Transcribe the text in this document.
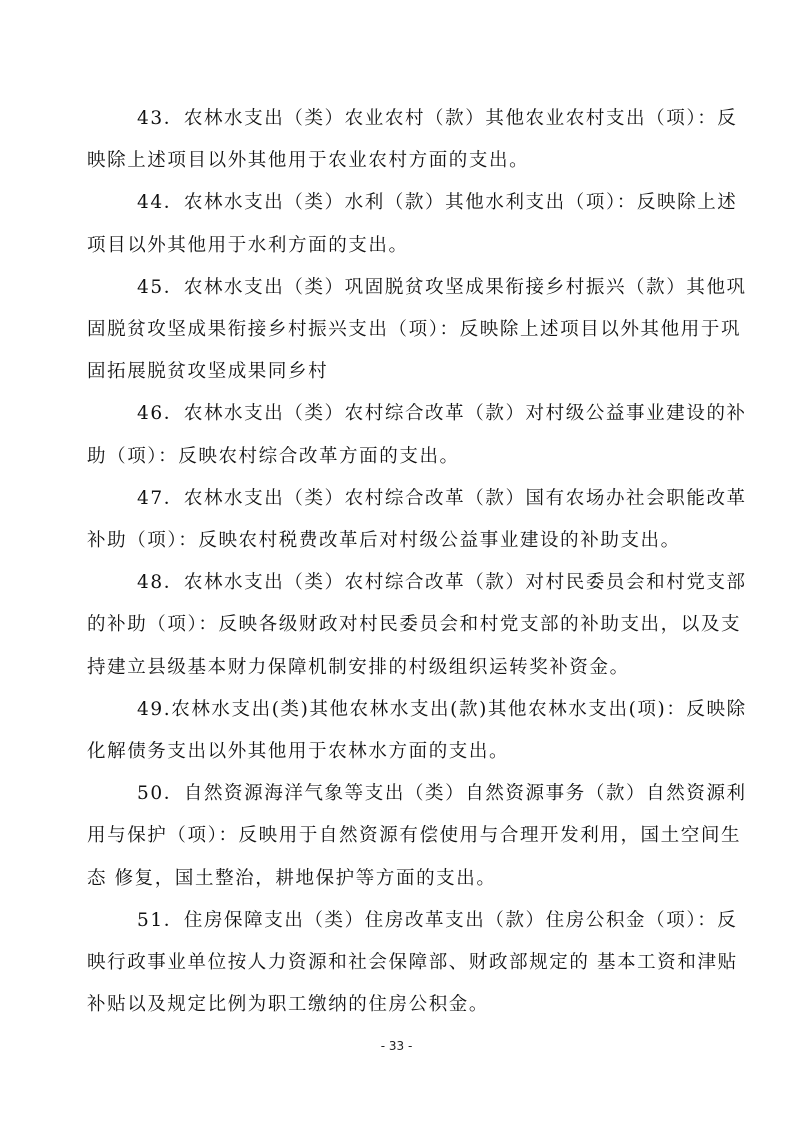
43．农林水支出（类）农业农村（款）其他农业农村支出（项）：反映除上述项目以外其他用于农业农村方面的支出。

44．农林水支出（类）水利（款）其他水利支出（项）：反映除上述项目以外其他用于水利方面的支出。

45．农林水支出（类）巩固脱贫攻坚成果衔接乡村振兴（款）其他巩固脱贫攻坚成果衔接乡村振兴支出（项）：反映除上述项目以外其他用于巩固拓展脱贫攻坚成果同乡村

46．农林水支出（类）农村综合改革（款）对村级公益事业建设的补助（项）：反映农村综合改革方面的支出。

47．农林水支出（类）农村综合改革（款）国有农场办社会职能改革补助（项）：反映农村税费改革后对村级公益事业建设的补助支出。

48．农林水支出（类）农村综合改革（款）对村民委员会和村党支部的补助（项）：反映各级财政对村民委员会和村党支部的补助支出，以及支持建立县级基本财力保障机制安排的村级组织运转奖补资金。

49.农林水支出(类)其他农林水支出(款)其他农林水支出(项)：反映除化解债务支出以外其他用于农林水方面的支出。

50．自然资源海洋气象等支出（类）自然资源事务（款）自然资源利用与保护（项）：反映用于自然资源有偿使用与合理开发利用，国土空间生态 修复，国土整治，耕地保护等方面的支出。

51．住房保障支出（类）住房改革支出（款）住房公积金（项）：反映行政事业单位按人力资源和社会保障部、财政部规定的 基本工资和津贴补贴以及规定比例为职工缴纳的住房公积金。

- 33 -
